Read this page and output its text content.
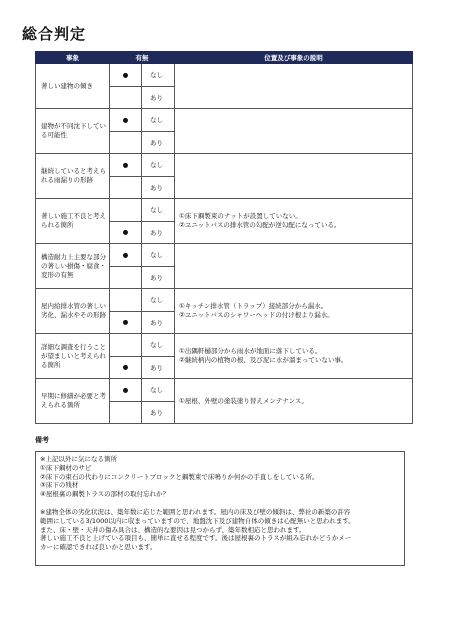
総合判定
事象	有無		位置及び事象の説明
著しい建物の傾き	●	なし	
		あり	
建物が不同沈下している可能性	●	なし	
		あり	
継続していると考えられる雨漏りの形跡	●	なし	
		あり	
著しい施工不良と考えられる箇所		なし	①床下鋼製束のナットが設置していない。
②ユニットバスの排水管の勾配が逆勾配になっている。

	●	あり	
構造耐力上主要な部分の著しい損傷・腐食・変形の有無	●	なし	
		あり	
屋内給排水管の著しい劣化、漏水やその形跡		なし	①キッチン排水管（トラップ）接続部分から漏水。
②ユニットバスのシャワーヘッドの付け根より漏水。

	●	あり	
詳細な調査を行うことが望ましいと考えられる箇所		なし	①出隅軒樋部分から雨水が地面に落下している。
②継続柄内の植物の根、及び泥に水が溜まっていない事。

	●	あり	
早期に修繕が必要と考えられる箇所	●	なし	①屋根、外壁の塗装塗り替えメンテナンス。

		あり	
備考

※上記以外に気になる箇所

①床下鋼材のサビ

②床下の束石の代わりにコンクリートブロックと鋼製束で床鳴りか何かの手直しをしている所。

③床下の残材

④屋根裏の鋼製トラスの部材の取付忘れか？

※建物全体の劣化状況は、築年数に応じた範囲と思われます。屋内の床及び壁の傾斜は、弊社の新築の許容

範囲にしている3/1000以内に収まっていますので、地盤沈下及び建物自体の傾きは心配無いと思われます。

また、床・壁・天井の傷み具合は、構造的な要因は見つからず、築年数相応と思われます。

著しい施工不良と上げている項目も、簡単に直せる程度です。後は屋根裏のトラスが組み忘れかどうかメー

カーに確認できれば良いかと思います。
